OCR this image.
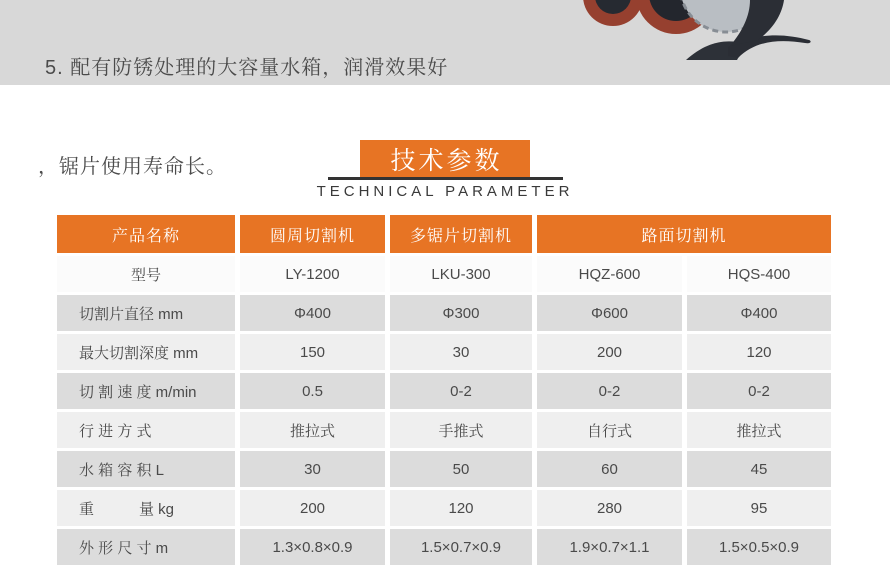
5. 配有防锈处理的大容量水箱，润滑效果好

，锯片使用寿命长。

	技术参数
TECHNICAL PARAMETER
产品名称	圆周切割机	多锯片切割机	路面切割机
型号	LY-1200	LKU-300	HQZ-600	HQS-400
切割片直径 mm	Φ400	Φ300	Φ600	Φ400
最大切割深度 mm	150	30	200	120
切 割 速 度 m/min	0.5	0-2	0-2	0-2
行 进 方 式	推拉式	手推式	自行式	推拉式
水 箱 容 积 L	30	50	60	45
重　　　量 kg	200	120	280	95
外 形 尺 寸 m	1.3×0.8×0.9	1.5×0.7×0.9	1.9×0.7×1.1	1.5×0.5×0.9
